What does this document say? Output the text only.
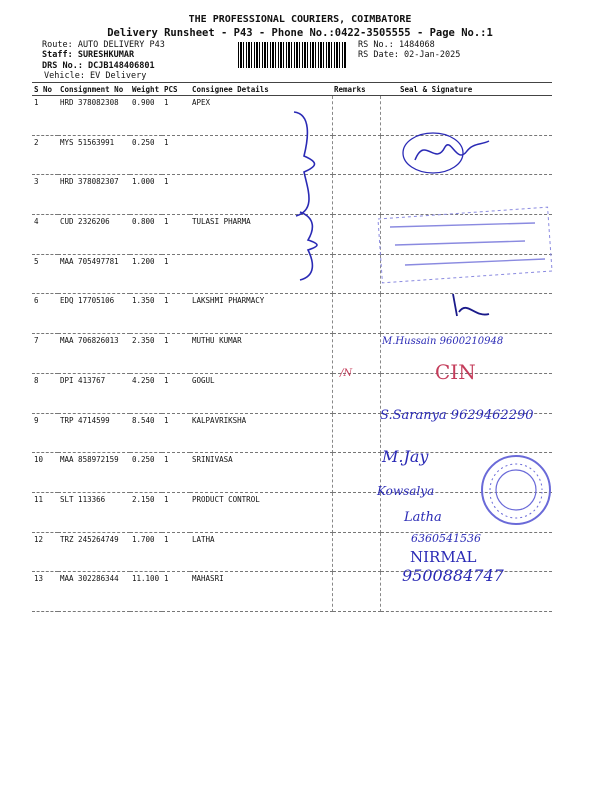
THE PROFESSIONAL COURIERS, COIMBATORE
Delivery Runsheet - P43 - Phone No.:0422-3505555 - Page No.:1
Route: AUTO DELIVERY P43
Staff: SURESHKUMAR
DRS No.: DCJB148406801
Vehicle: EV Delivery
RS No.: 1484068
RS Date: 02-Jan-2025
S No	Consignment No	Weight	PCS	Consignee Details	Remarks	Seal & Signature
1	HRD 378082308	0.900	1	APEX		
2	MYS 51563991	0.250	1			
3	HRD 378082307	1.000	1			
4	CUD 2326206	0.800	1	TULASI PHARMA		
5	MAA 705497781	1.200	1			
6	EDQ 17705106	1.350	1	LAKSHMI PHARMACY		
7	MAA 706826013	2.350	1	MUTHU KUMAR		
8	DPI 413767	4.250	1	GOGUL		
9	TRP 4714599	8.540	1	KALPAVRIKSHA		
10	MAA 858972159	0.250	1	SRINIVASA		
11	SLT 113366	2.150	1	PRODUCT CONTROL		
12	TRZ 245264749	1.700	1	LATHA		
13	MAA 302286344	11.100	1	MAHASRI		
M.Hussain 9600210948
/N	CIN
S.Saranya 9629462290
M.Jay
Kowsalya
Latha
6360541536
NIRMAL
9500884747
